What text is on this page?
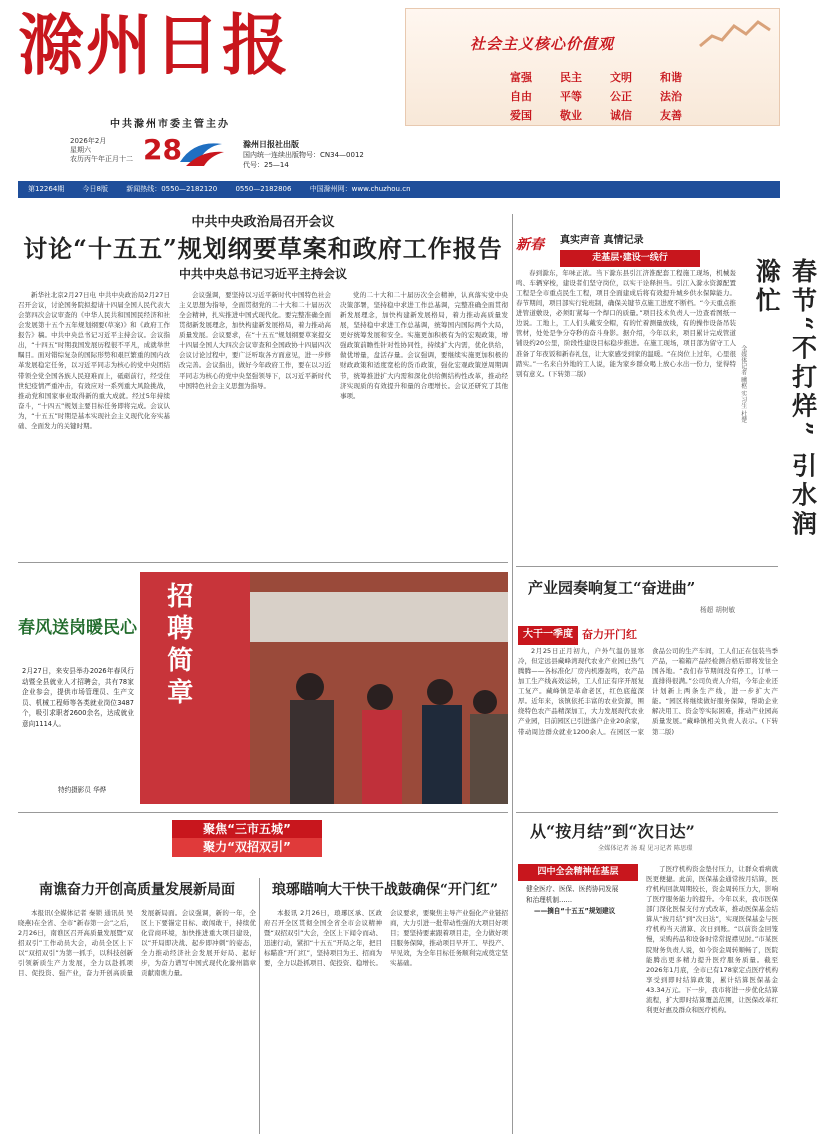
滁州日报
中共滁州市委主管主办
2026年2月
星期六
农历丙午年正月十二 28	滁州日报社出版
国内统一连续出版物号：CN34—0012
代号：25—14
社会主义核心价值观
富强	民主	文明	和谐
自由	平等	公正	法治
爱国	敬业	诚信	友善
第12264期	今日8版	新闻热线：0550—2182120	0550—2182806	中国滁州网：www.chuzhou.cn
中共中央政治局召开会议
讨论“十五五”规划纲要草案和政府工作报告
中共中央总书记习近平主持会议
新华社北京2月27日电 中共中央政治局2月27日召开会议，讨论国务院拟提请十四届全国人民代表大会第四次会议审查的《中华人民共和国国民经济和社会发展第十五个五年规划纲要(草案)》和《政府工作报告》稿。中共中央总书记习近平主持会议。会议指出，“十四五”时期我国发展历程很不平凡，成就举世瞩目。面对错综复杂的国际形势和艰巨繁重的国内改革发展稳定任务，以习近平同志为核心的党中央团结带领全党全国各族人民迎难而上，砥砺前行，经受住世纪疫情严重冲击，有效应对一系列重大风险挑战，推动党和国家事业取得新的重大成就。经过5年持续奋斗，“十四五”规划主要目标任务即将完成。会议认为，“十五五”时期是基本实现社会主义现代化夯实基础、全面发力的关键时期。
会议强调，要坚持以习近平新时代中国特色社会主义思想为指导，全面贯彻党的二十大和二十届历次全会精神，扎实推进中国式现代化。要完整准确全面贯彻新发展理念，加快构建新发展格局，着力推动高质量发展。会议要求，在“十五五”规划纲要草案提交十四届全国人大四次会议审查和全国政协十四届四次会议讨论过程中，要广泛听取各方面意见，进一步修改完善。会议指出，做好今年政府工作，要在以习近平同志为核心的党中央坚强领导下，以习近平新时代中国特色社会主义思想为指导。
党的二十大和二十届历次全会精神，认真落实党中央决策部署，坚持稳中求进工作总基调，完整准确全面贯彻新发展理念，加快构建新发展格局，着力推动高质量发展，坚持稳中求进工作总基调，统筹国内国际两个大局，更好统筹发展和安全。实施更加积极有为的宏观政策，增强政策前瞻性针对性协同性，持续扩大内需，优化供给，做优增量，盘活存量。会议强调，要继续实施更加积极的财政政策和适度宽松的货币政策，强化宏观政策逆周期调节，统筹推进扩大内需和深化供给侧结构性改革，推动经济实现质的有效提升和量的合理增长。会议还研究了其他事项。
新春 真实声音 真情记录
走基层·建设一线行
春到滁东，年味正浓。当下滁东县引江济淮配套工程施工现场，机械轰鸣、车辆穿梭，建设者们坚守岗位，以实干诠释担当。引江入滁水资源配置工程是全市重点民生工程，项目全面建成后将有效提升城乡供水保障能力。春节期间，项目部实行轮班制，确保关键节点施工进度不断档。“今天重点推进管道敷设，必须盯紧每一个焊口的质量。”项目技术负责人一边查看图纸一边说。工地上，工人们头戴安全帽，有的忙着测量放线，有的操作设备吊装管材，处处是争分夺秒的奋斗身影。据介绍，今年以来，项目累计完成管道铺设约20公里，阶段性建设目标稳步推进。在施工现场，项目部为留守工人准备了年夜饭和新春礼包，让大家感受到家的温暖。“在岗位上过年，心里很踏实。”一名来自外地的工人说，能为家乡群众喝上放心水出一份力，觉得特别有意义。(下转第二版)	春节“不打烊” 引水润滁忙
全媒体记者 曦枢 实习生 杜楚
招聘简章
春风送岗暖民心
2月27日，来安县举办2026年春风行动暨全县就业人才招聘会，共有78家企业参会，提供市场管理员、生产文员、机械工程师等各类就业岗位3487个，吸引求职者2600余名，达成就业意向1114人。
特约摄影员 华烨
聚焦“三市五城”
聚力“双招双引”
南谯奋力开创高质量发展新局面	琅琊瞄响大干快干战鼓确保“开门红”
本报讯(全媒体记者 秦锁 通讯员 吴晓燕)在全省、全市“新春第一会”之后，2月26日，南谯区召开高质量发展暨“双招双引”工作动员大会，动员全区上下以“双招双引”为第一抓手，以科技创新引领新质生产力发展，全力以赴抓项目、促投资、强产业，奋力开创高质量发展新局面。会议强调，新的一年，全区上下要锚定目标、敢闯敢干，持续优化营商环境，加快推进重大项目建设，以“开局即决战、起步即冲刺”的姿态，全力推动经济社会发展开好局、起好步，为奋力谱写中国式现代化滁州篇章贡献南谯力量。
本报讯 2月26日，琅琊区承、区政府召开全区贯彻全国全省全市会议精神暨“双招双引”大会，全区上下闻令而动、迅速行动，紧扣“十五五”开局之年，把目标瞄准“开门红”，坚持项目为王、招商为要，全力以赴抓项目、促投资、稳增长。会议要求，要聚焦主导产业强化产业链招商，大力引进一批带动性强的大项目好项目；要坚持要素跟着项目走，全力做好项目服务保障，推动项目早开工、早投产、早见效，为全年目标任务顺利完成奠定坚实基础。
产业园奏响复工“奋进曲”
杨超 胡树敏
大干一季度 奋力开门红
2月25日正月初九，户外气温仍显寒冷，但定远县藏峰湾现代农业产业园已热气腾腾——各标准化厂房内机器轰鸣，农产品加工生产线高效运转，工人们正有序开展复工复产。藏峰镇是革命老区，红色底蕴深厚。近年来，该镇依托丰富的农业资源，围绕特色农产品精深加工，大力发展现代农业产业园，目前园区已引进落户企业20余家，带动周边群众就业1200余人。在园区一家食品公司的生产车间，工人们正在包装当季产品，一箱箱产品经检测合格后即将发往全国各地。“我们春节期间没有停工，订单一直排得很满。”公司负责人介绍，今年企业还计划新上两条生产线，进一步扩大产能。“园区将继续做好服务保障，帮助企业解决用工、资金等实际困难，推动产业园高质量发展。”藏峰镇相关负责人表示。(下转第二版)
从“按月结”到“次日达”
全媒体记者 汤 琨 见习记者 陈思璟
四中全会精神在基层
健全医疗、医保、医药协同发展
和治理机制……
——摘自“十五五”规划建议
了医疗机构资金垫付压力，让群众看病就医更便捷。此前，医保基金通常按月结算，医疗机构回款周期较长，资金周转压力大，影响了医疗服务能力的提升。今年以来，我市医保部门深化医保支付方式改革，推动医保基金结算从“按月结”到“次日达”，实现医保基金与医疗机构当天清算、次日到账。“以前资金回笼慢，采购药品和设备时常常捉襟见肘。”市某医院财务负责人说，如今资金周转顺畅了，医院能腾出更多精力提升医疗服务质量。截至2026年1月底，全市已有178家定点医疗机构享受到即时结算政策，累计结算医保基金43.34万元。下一步，我市将进一步优化结算流程，扩大即时结算覆盖范围，让医保改革红利更好惠及群众和医疗机构。
